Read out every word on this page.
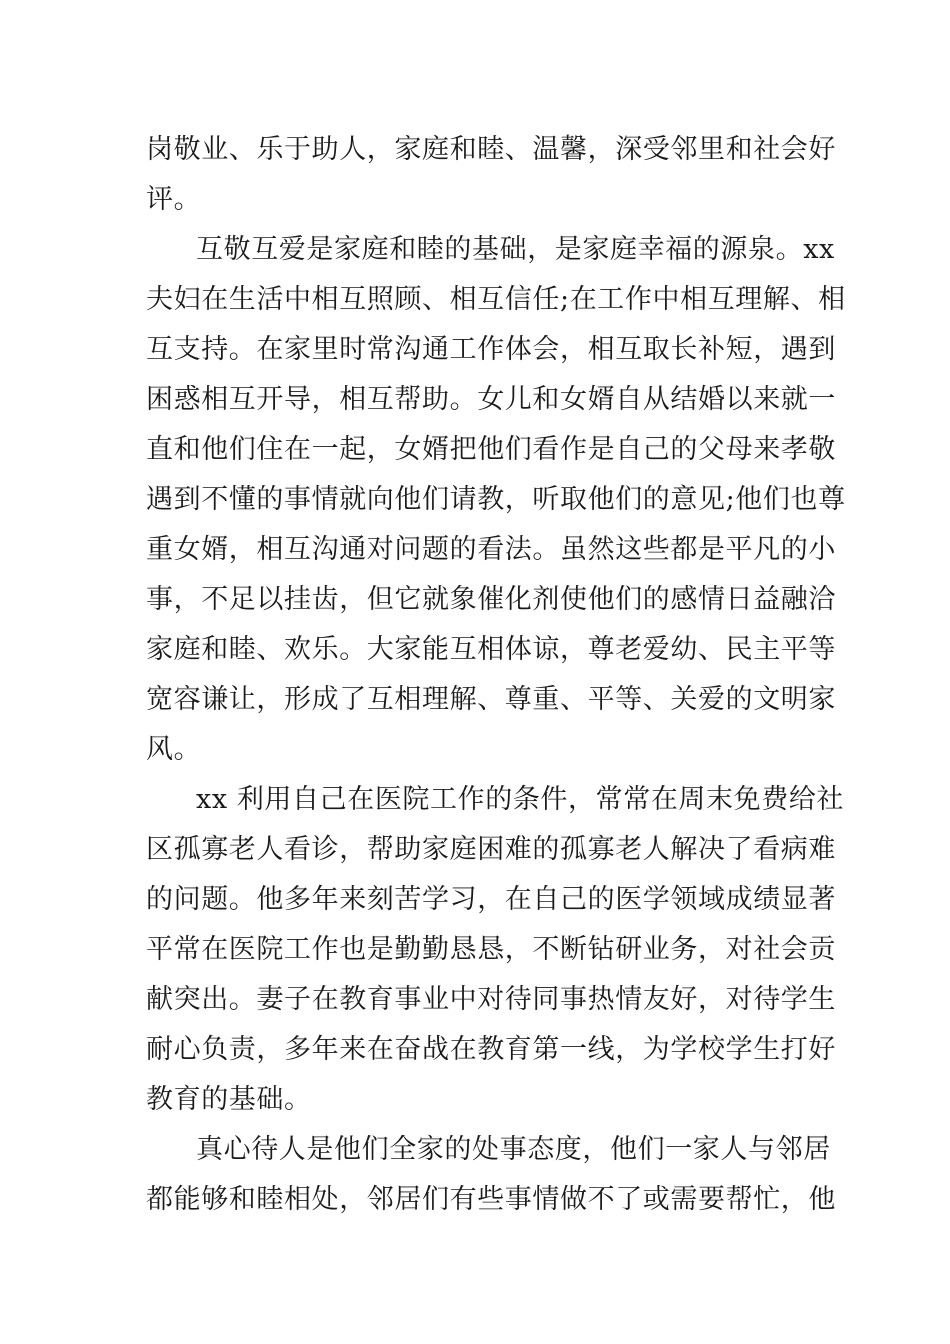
岗敬业、乐于助人，家庭和睦、温馨，深受邻里和社会好
评。
互敬互爱是家庭和睦的基础，是家庭幸福的源泉。xx
夫妇在生活中相互照顾、相互信任;在工作中相互理解、相
互支持。在家里时常沟通工作体会，相互取长补短，遇到
困惑相互开导，相互帮助。女儿和女婿自从结婚以来就一
直和他们住在一起，女婿把他们看作是自己的父母来孝敬
遇到不懂的事情就向他们请教，听取他们的意见;他们也尊
重女婿，相互沟通对问题的看法。虽然这些都是平凡的小
事，不足以挂齿，但它就象催化剂使他们的感情日益融洽
家庭和睦、欢乐。大家能互相体谅，尊老爱幼、民主平等
宽容谦让，形成了互相理解、尊重、平等、关爱的文明家
风。
xx 利用自己在医院工作的条件，常常在周末免费给社
区孤寡老人看诊，帮助家庭困难的孤寡老人解决了看病难
的问题。他多年来刻苦学习，在自己的医学领域成绩显著
平常在医院工作也是勤勤恳恳，不断钻研业务，对社会贡
献突出。妻子在教育事业中对待同事热情友好，对待学生
耐心负责，多年来在奋战在教育第一线，为学校学生打好
教育的基础。
真心待人是他们全家的处事态度，他们一家人与邻居
都能够和睦相处，邻居们有些事情做不了或需要帮忙，他
